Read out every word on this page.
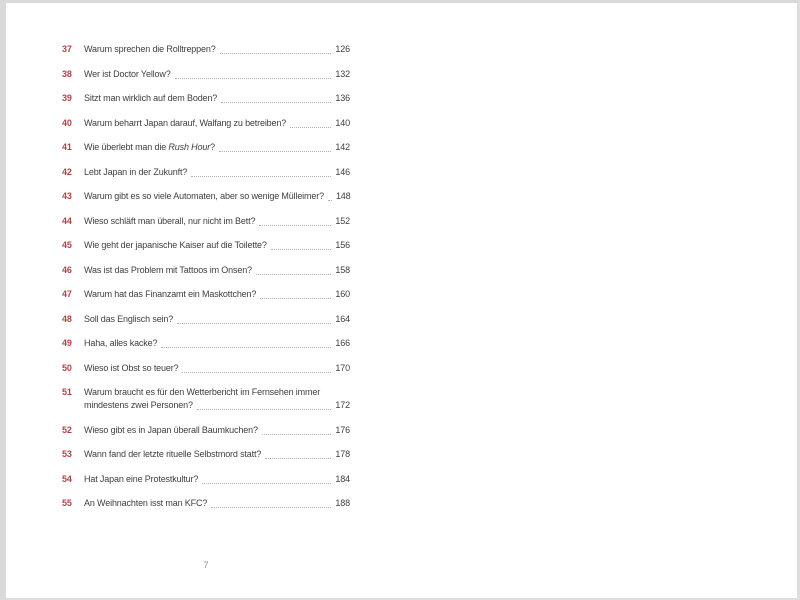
37	Warum sprechen die Rolltreppen?	126
38	Wer ist Doctor Yellow?	132
39	Sitzt man wirklich auf dem Boden?	136
40	Warum beharrt Japan darauf, Walfang zu betreiben?	140
41	Wie überlebt man die Rush Hour?	142
42	Lebt Japan in der Zukunft?	146
43	Warum gibt es so viele Automaten, aber so wenige Mülleimer? 148
44	Wieso schläft man überall, nur nicht im Bett?	152
45	Wie geht der japanische Kaiser auf die Toilette?	156
46	Was ist das Problem mit Tattoos im Onsen?	158
47	Warum hat das Finanzamt ein Maskottchen?	160
48	Soll das Englisch sein?	164
49	Haha, alles kacke?	166
50	Wieso ist Obst so teuer?	170
51	Warum braucht es für den Wetterbericht im Fernsehen immer
mindestens zwei Personen?	172
52	Wieso gibt es in Japan überall Baumkuchen?	176
53	Wann fand der letzte rituelle Selbstmord statt?	178
54	Hat Japan eine Protestkultur?	184
55	An Weihnachten isst man KFC?	188
7
